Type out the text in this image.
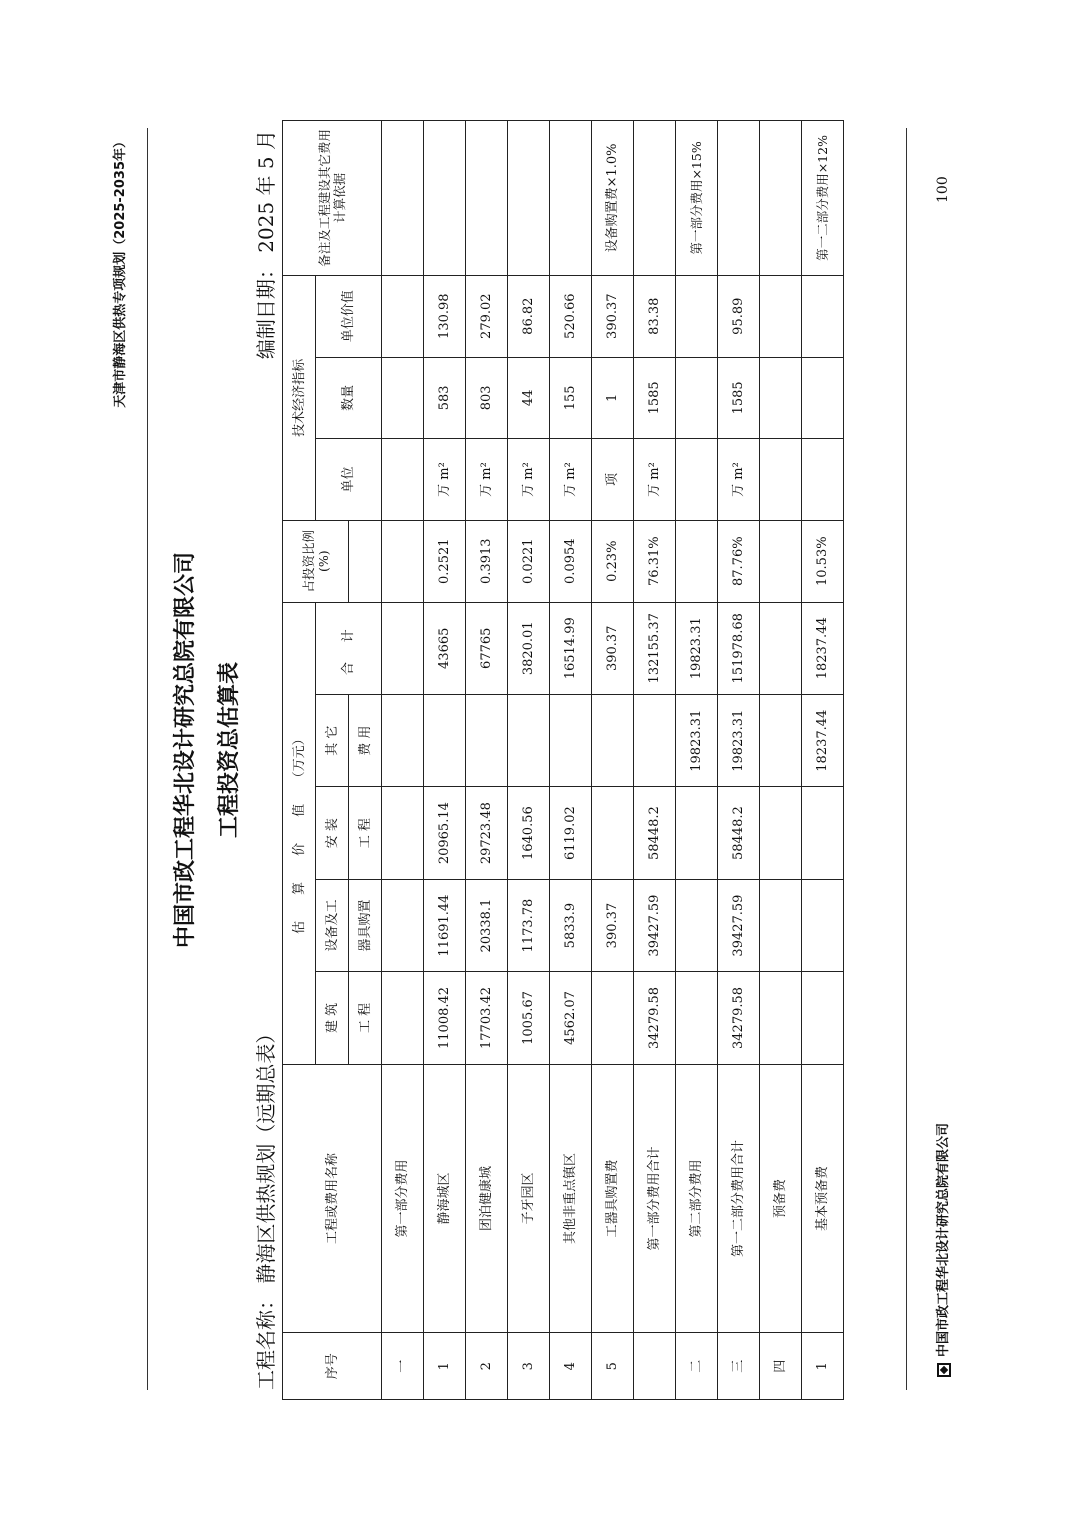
天津市静海区供热专项规划（2025-2035年）
中国市政工程华北设计研究总院有限公司
100
中国市政工程华北设计研究总院有限公司 工程投资总估算表
工程名称： 静海区供热规划（远期总表）
编制日期： 2025 年 5 月
序号	工程或费用名称	估　　算　　价　　值　　（万元）					占投资比例(%)	技术经济指标			备注及工程建设其它费用计算依据
		建 筑	设备及工	安 装	其 它	合 计		单位	数量	单位价值	
		工 程	器具购置	工 程	费 用						
一	第一部分费用										
1	静海城区	11008.42	11691.44	20965.14		43665	0.2521	万 m²	583	130.98	
2	团泊健康城	17703.42	20338.1	29723.48		67765	0.3913	万 m²	803	279.02	
3	子牙园区	1005.67	1173.78	1640.56		3820.01	0.0221	万 m²	44	86.82	
4	其他非重点镇区	4562.07	5833.9	6119.02		16514.99	0.0954	万 m²	155	520.66	
5	工器具购置费		390.37			390.37	0.23%	项	1	390.37	设备购置费×1.0%
	第一部分费用合计	34279.58	39427.59	58448.2		132155.37	76.31%	万 m²	1585	83.38	
二	第二部分费用				19823.31	19823.31					第一部分费用×15%
三	第一二部分费用合计	34279.58	39427.59	58448.2	19823.31	151978.68	87.76%	万 m²	1585	95.89	
四	预备费										
1	基本预备费				18237.44	18237.44	10.53%				第一二部分费用×12%
